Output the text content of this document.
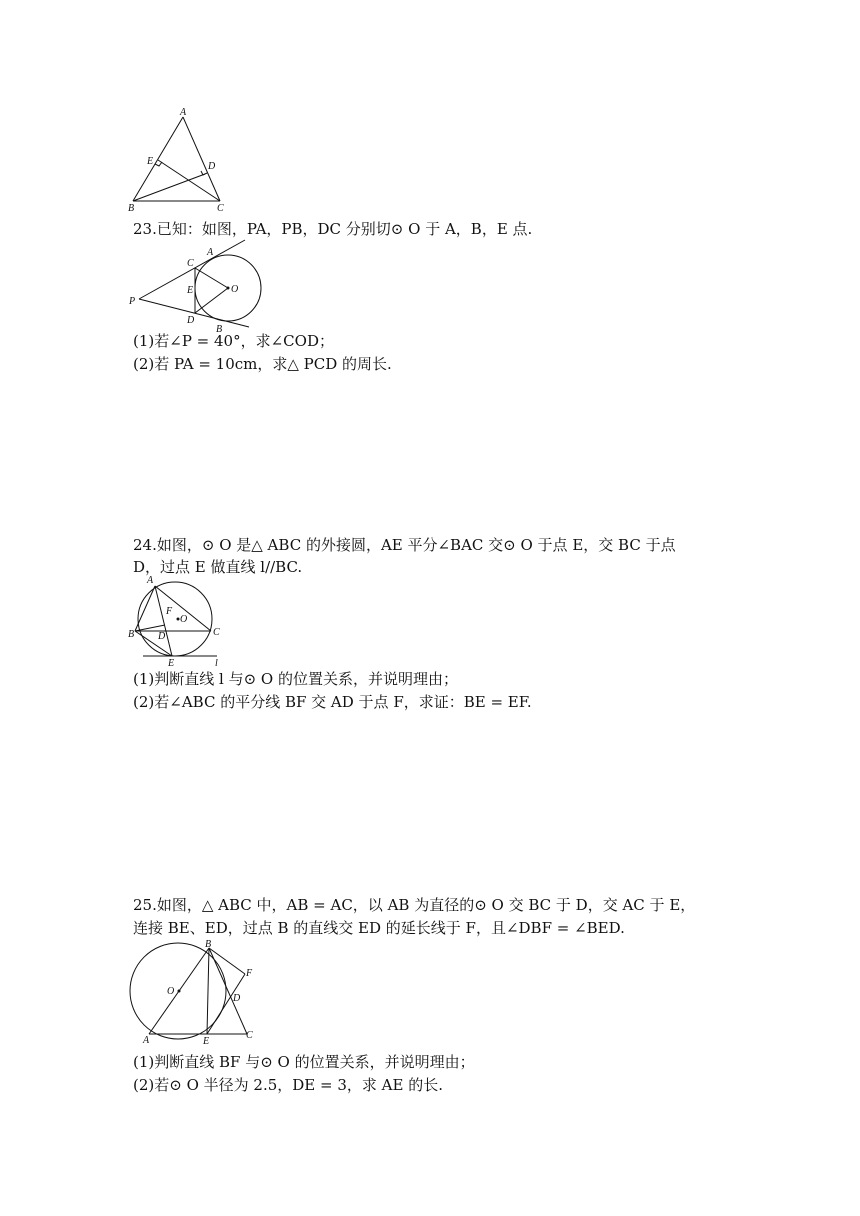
A
E	D
B	C
23.已知：如图，PA，PB，DC 分别切⊙ O 于 A，B，E 点.
A
C
E	O
P
D
B
(1)若∠P = 40°，求∠COD；
(2)若 PA = 10cm，求△ PCD 的周长.
24.如图，⊙ O 是△ ABC 的外接圆，AE 平分∠BAC 交⊙ O 于点 E，交 BC 于点
D，过点 E 做直线 l//BC.
A
F
O
B D	C
E	l
(1)判断直线 l 与⊙ O 的位置关系，并说明理由；
(2)若∠ABC 的平分线 BF 交 AD 于点 F，求证：BE = EF.
25.如图，△ ABC 中，AB = AC，以 AB 为直径的⊙ O 交 BC 于 D，交 AC 于 E，
连接 BE、ED，过点 B 的直线交 ED 的延长线于 F，且∠DBF = ∠BED.
B
F
O
D
A	E
C
(1)判断直线 BF 与⊙ O 的位置关系，并说明理由；
(2)若⊙ O 半径为 2.5，DE = 3，求 AE 的长.
